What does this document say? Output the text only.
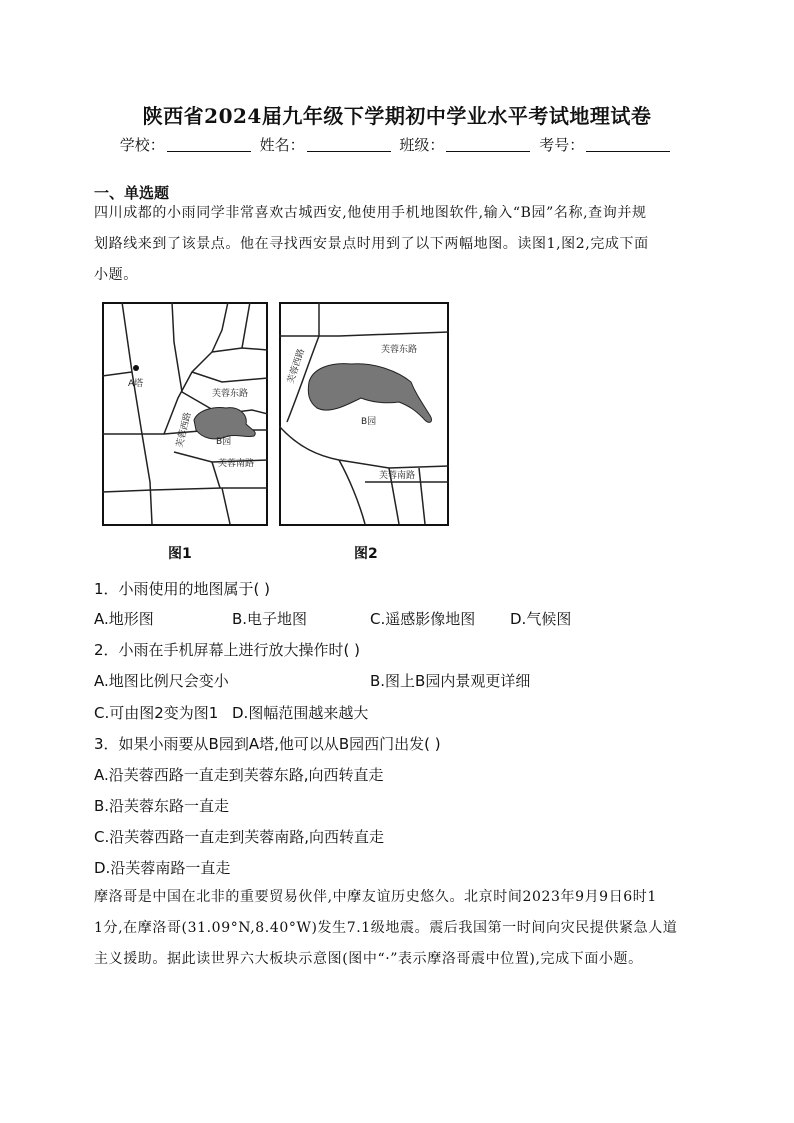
陕西省2024届九年级下学期初中学业水平考试地理试卷
学校：	姓名：	班级：	考号：
一、单选题
四川成都的小雨同学非常喜欢古城西安,他使用手机地图软件,输入“B园”名称,查询并规
划路线来到了该景点。他在寻找西安景点时用到了以下两幅地图。读图1,图2,完成下面
小题。
A塔
芙蓉东路
芙蓉西路 B园
芙蓉南路
图1
芙蓉西路	芙蓉东路
B园
芙蓉南路
图2
1．小雨使用的地图属于( )
A.地形图	B.电子地图	C.遥感影像地图 D.气候图
2．小雨在手机屏幕上进行放大操作时( )
A.地图比例尺会变小	B.图上B园内景观更详细
C.可由图2变为图1 D.图幅范围越来越大
3．如果小雨要从B园到A塔,他可以从B园西门出发( )
A.沿芙蓉西路一直走到芙蓉东路,向西转直走
B.沿芙蓉东路一直走
C.沿芙蓉西路一直走到芙蓉南路,向西转直走
D.沿芙蓉南路一直走
摩洛哥是中国在北非的重要贸易伙伴,中摩友谊历史悠久。北京时间2023年9月9日6时1
1分,在摩洛哥(31.09°N,8.40°W)发生7.1级地震。震后我国第一时间向灾民提供紧急人道
主义援助。据此读世界六大板块示意图(图中“·”表示摩洛哥震中位置),完成下面小题。
